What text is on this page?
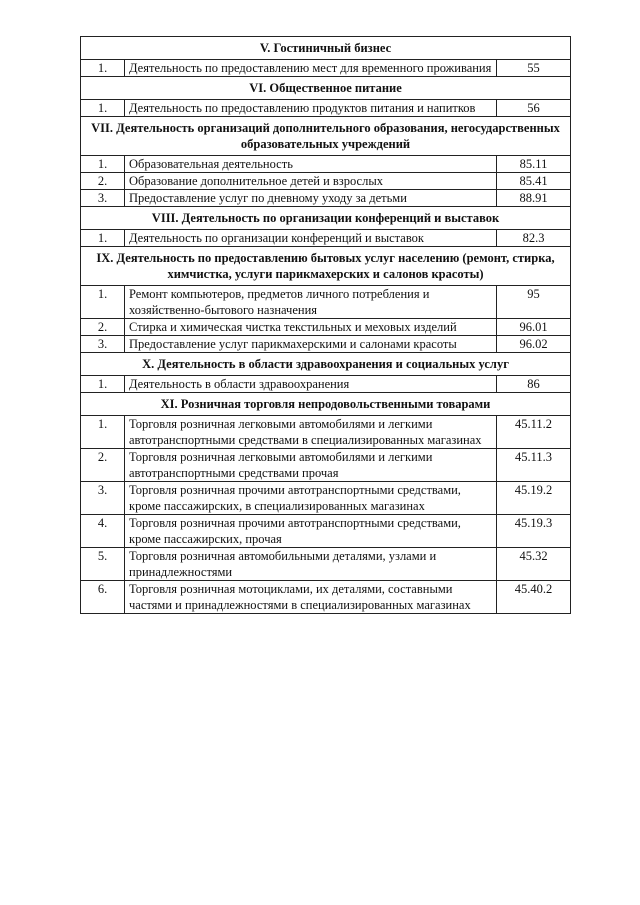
V. Гостиничный бизнес		
1.	Деятельность по предоставлению мест для временного проживания	55
VI. Общественное питание		
1.	Деятельность по предоставлению продуктов питания и напитков	56
VII. Деятельность организаций дополнительного образования, негосударственных образовательных учреждений		
1.	Образовательная деятельность	85.11
2.	Образование дополнительное детей и взрослых	85.41
3.	Предоставление услуг по дневному уходу за детьми	88.91
VIII. Деятельность по организации конференций и выставок		
1.	Деятельность по организации конференций и выставок	82.3
IX. Деятельность по предоставлению бытовых услуг населению (ремонт, стирка, химчистка, услуги парикмахерских и салонов красоты)		
1.	Ремонт компьютеров, предметов личного потребления и хозяйственно-бытового назначения	95
2.	Стирка и химическая чистка текстильных и меховых изделий	96.01
3.	Предоставление услуг парикмахерскими и салонами красоты	96.02
X. Деятельность в области здравоохранения и социальных услуг		
1.	Деятельность в области здравоохранения	86
XI. Розничная торговля непродовольственными товарами		
1.	Торговля розничная легковыми автомобилями и легкими автотранспортными средствами в специализированных магазинах	45.11.2
2.	Торговля розничная легковыми автомобилями и легкими автотранспортными средствами прочая	45.11.3
3.	Торговля розничная прочими автотранспортными средствами, кроме пассажирских, в специализированных магазинах	45.19.2
4.	Торговля розничная прочими автотранспортными средствами, кроме пассажирских, прочая	45.19.3
5.	Торговля розничная автомобильными деталями, узлами и принадлежностями	45.32
6.	Торговля розничная мотоциклами, их деталями, составными частями и принадлежностями в специализированных магазинах	45.40.2
